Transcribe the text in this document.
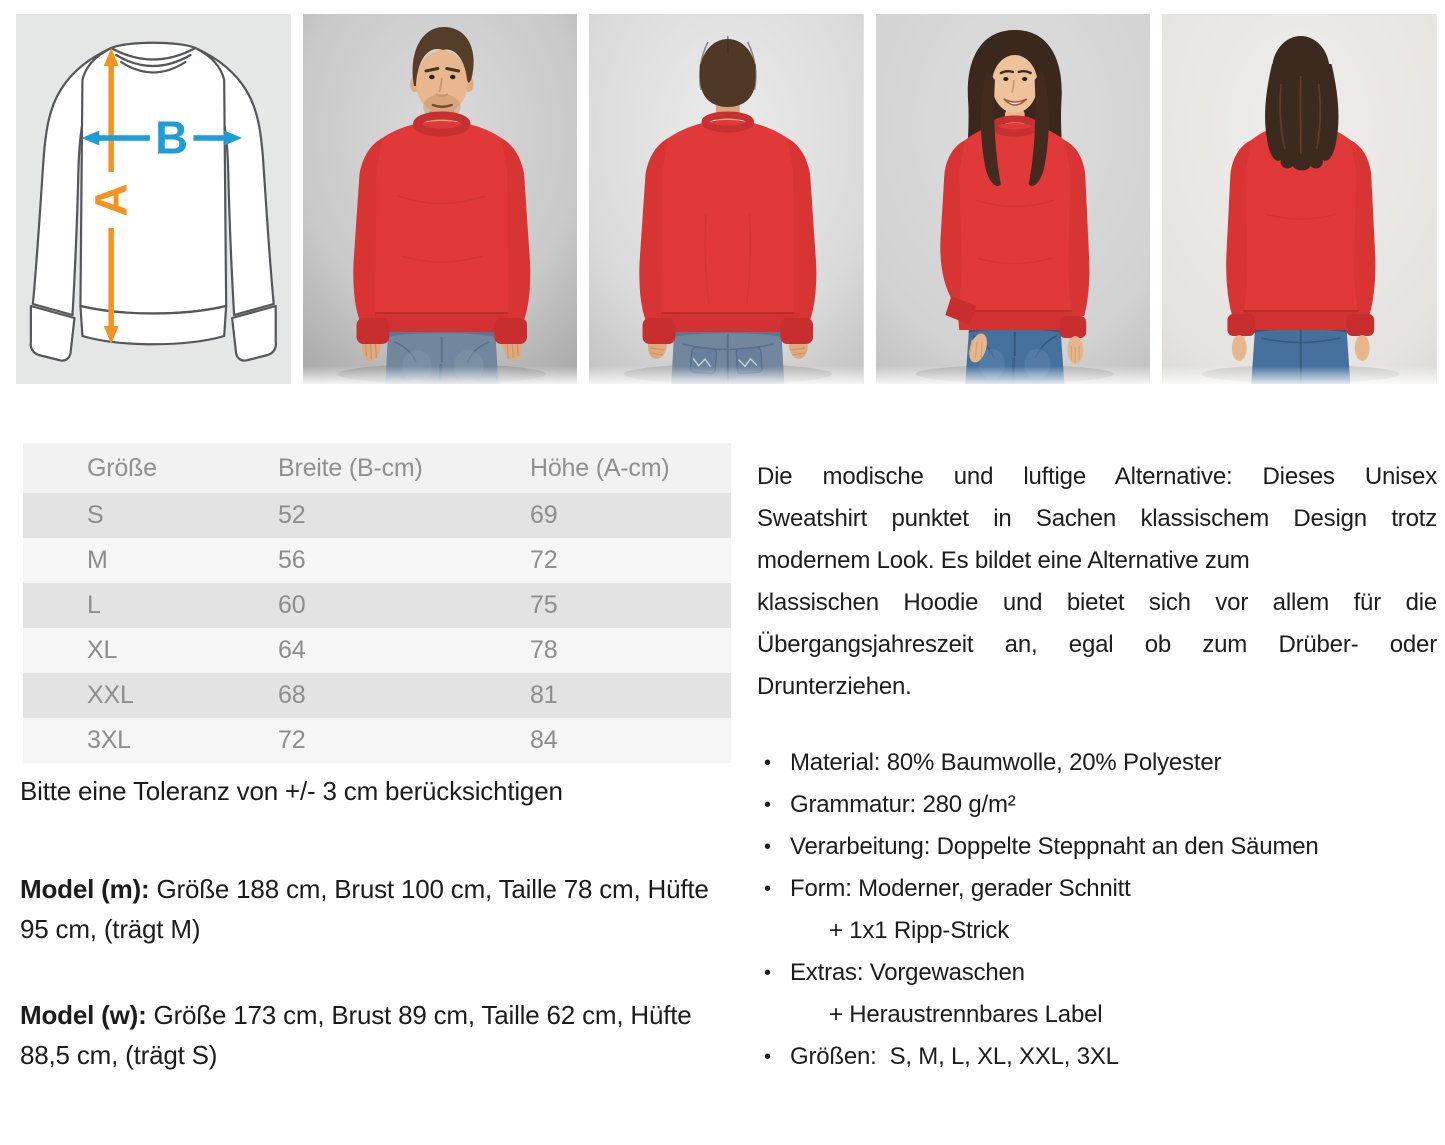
A
B
Größe	Breite (B-cm)	Höhe (A-cm)
S	52	69
M	56	72
L	60	75
XL	64	78
XXL	68	81
3XL	72	84

Bitte eine Toleranz von +/- 3 cm berücksichtigen

Model (m): Größe 188 cm, Brust 100 cm, Taille 78 cm, Hüfte 95 cm, (trägt M)

Model (w): Größe 173 cm, Brust 89 cm, Taille 62 cm, Hüfte 88,5 cm, (trägt S)

Die modische und luftige Alternative: Dieses Unisex
Sweatshirt punktet in Sachen klassischem Design trotz
modernem Look. Es bildet eine Alternative zum
klassischen Hoodie und bietet sich vor allem für die
Übergangsjahreszeit an, egal ob zum Drüber- oder
Drunterziehen.
• Material: 80% Baumwolle, 20% Polyester
• Grammatur: 280 g/m²
• Verarbeitung: Doppelte Steppnaht an den Säumen
• Form: Moderner, gerader Schnitt
+ 1x1 Ripp-Strick
• Extras: Vorgewaschen
+ Heraustrennbares Label
• Größen:  S, M, L, XL, XXL, 3XL
